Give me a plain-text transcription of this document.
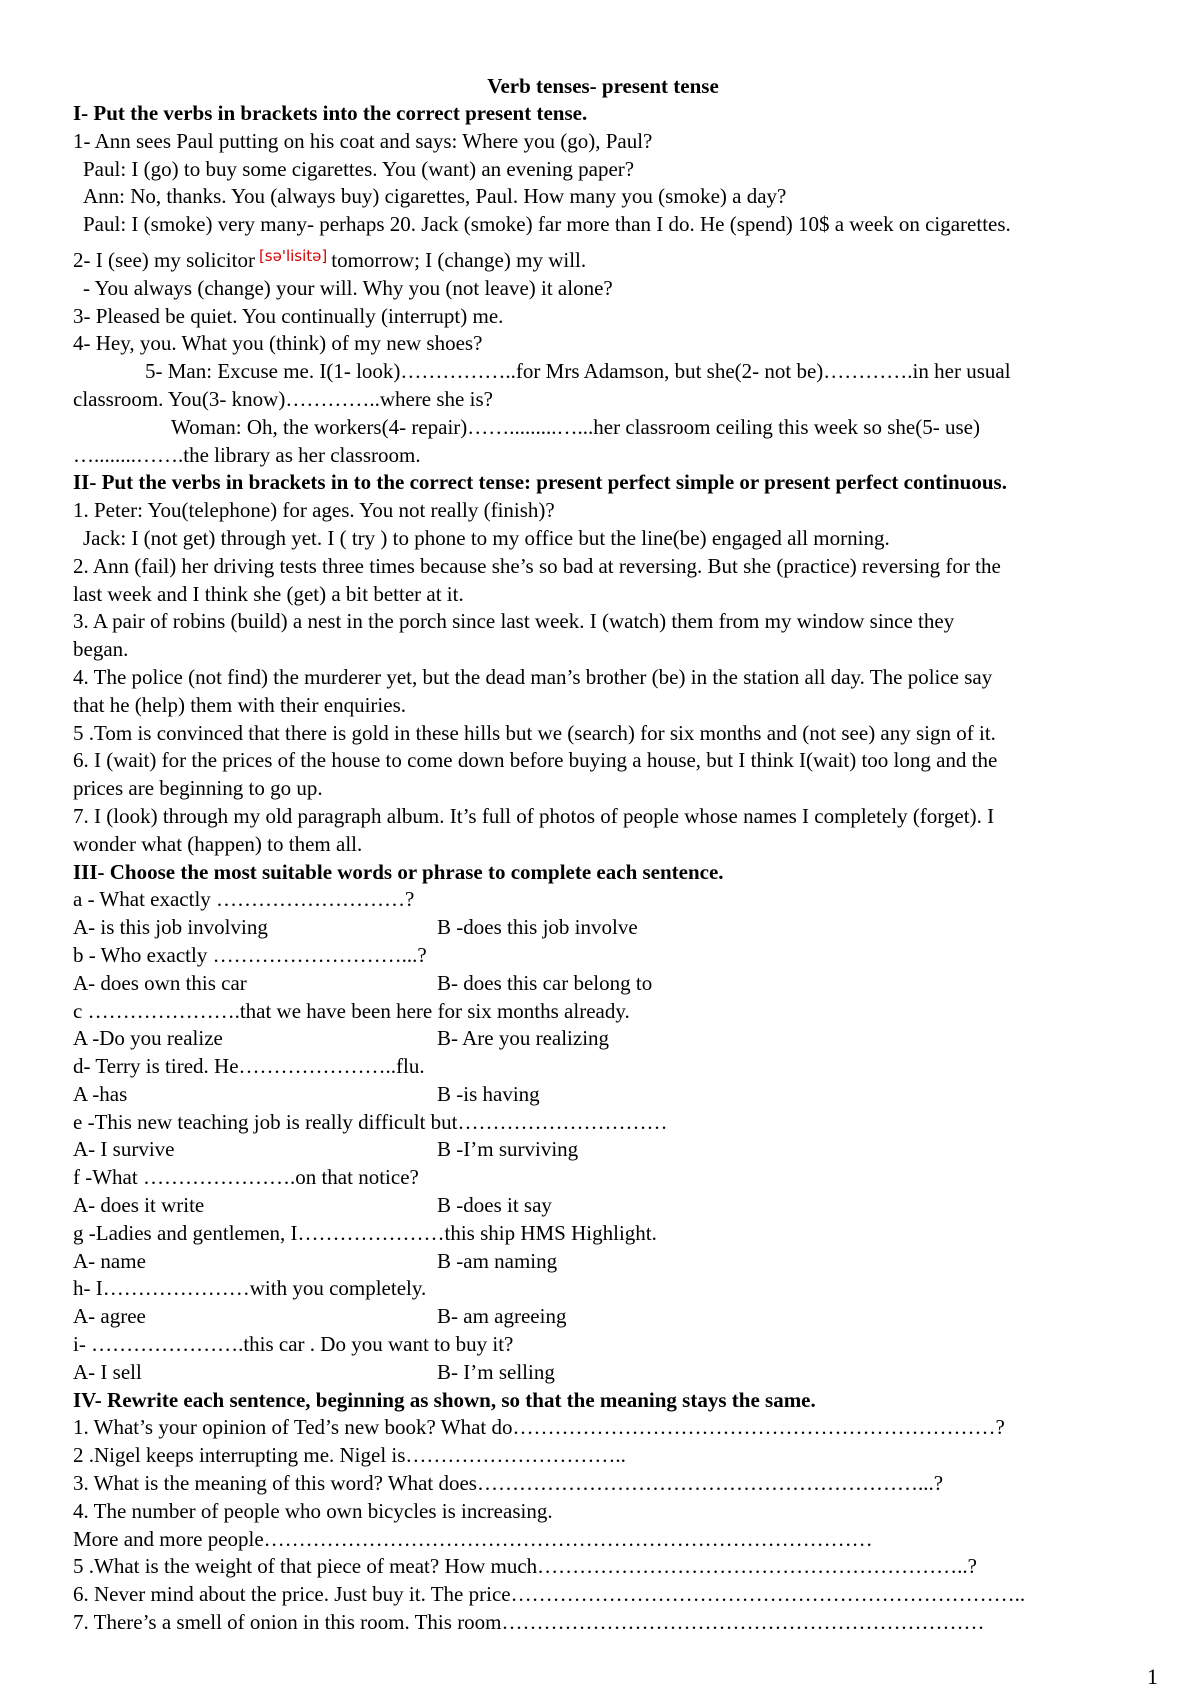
Verb tenses- present tense
I- Put the verbs in brackets into the correct present tense.
1- Ann sees Paul putting on his coat and says: Where you (go), Paul?
Paul: I (go) to buy some cigarettes. You (want) an evening paper?
Ann: No, thanks. You (always buy) cigarettes, Paul. How many you (smoke) a day?
Paul: I (smoke) very many- perhaps 20. Jack (smoke) far more than I do. He (spend) 10$ a week on cigarettes.
2- I (see) my solicitor [sə'lisitə] tomorrow; I (change) my will.
- You always (change) your will. Why you (not leave) it alone?
3- Pleased be quiet. You continually (interrupt) me.
4- Hey, you. What you (think) of my new shoes?
5- Man: Excuse me. I(1- look)……………..for Mrs Adamson, but she(2- not be)………….in her usual
classroom. You(3- know)…………..where she is?
Woman: Oh, the workers(4- repair)…….........…...her classroom ceiling this week so she(5- use)
…........…….the library as her classroom.
II- Put the verbs in brackets in to the correct tense: present perfect simple or present perfect continuous.
1. Peter: You(telephone) for ages. You not really (finish)?
Jack: I (not get) through yet. I ( try ) to phone to my office but the line(be) engaged all morning.
2. Ann (fail) her driving tests three times because she’s so bad at reversing. But she (practice) reversing for the
last week and I think she (get) a bit better at it.
3. A pair of robins (build) a nest in the porch since last week. I (watch) them from my window since they
began.
4. The police (not find) the murderer yet, but the dead man’s brother (be) in the station all day. The police say
that he (help) them with their enquiries.
5 .Tom is convinced that there is gold in these hills but we (search) for six months and (not see) any sign of it.
6. I (wait) for the prices of the house to come down before buying a house, but I think I(wait) too long and the
prices are beginning to go up.
7. I (look) through my old paragraph album. It’s full of photos of people whose names I completely (forget). I
wonder what (happen) to them all.
III- Choose the most suitable words or phrase to complete each sentence.
a - What exactly ………………………?
A- is this job involving	B -does this job involve
b - Who exactly ………………………...?
A- does own this car	B- does this car belong to
c ………………….that we have been here for six months already.
A -Do you realize	B- Are you realizing
d- Terry is tired. He…………………..flu.
A -has	B -is having
e -This new teaching job is really difficult but…………………………
A- I survive	B -I’m surviving
f -What ………………….on that notice?
A- does it write	B -does it say
g -Ladies and gentlemen, I…………………this ship HMS Highlight.
A- name	B -am naming
h- I…………………with you completely.
A- agree	B- am agreeing
i- ………………….this car . Do you want to buy it?
A- I sell	B- I’m selling
IV- Rewrite each sentence, beginning as shown, so that the meaning stays the same.
1. What’s your opinion of Ted’s new book? What do……………………………………………………………?
2 .Nigel keeps interrupting me. Nigel is…………………………..
3. What is the meaning of this word? What does………………………………………………………...?
4. The number of people who own bicycles is increasing.
More and more people……………………………………………………………………………
5 .What is the weight of that piece of meat? How much……………………………………………………..?
6. Never mind about the price. Just buy it. The price………………………………………………………………..
7. There’s a smell of onion in this room. This room……………………………………………………………
1
